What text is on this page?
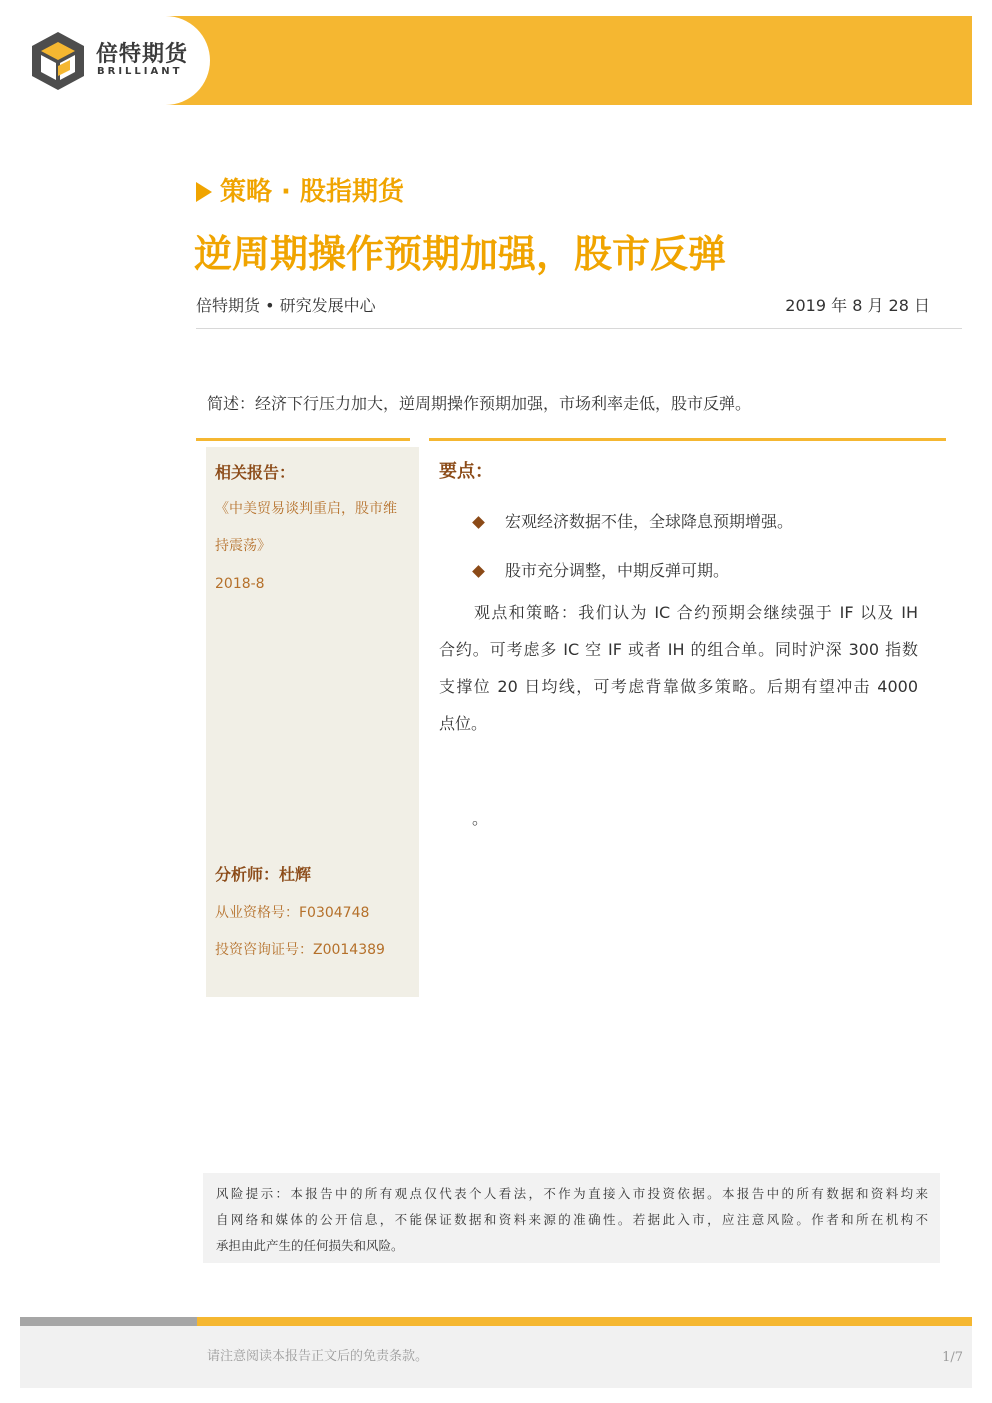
倍特期货
BRILLIANT
策略 · 股指期货
逆周期操作预期加强，股市反弹
倍特期货 • 研究发展中心	2019 年 8 月 28 日
简述：经济下行压力加大，逆周期操作预期加强，市场利率走低，股市反弹。
相关报告：
《中美贸易谈判重启，股市维
持震荡》
2018-8
分析师：杜辉
从业资格号：F0304748
投资咨询证号：Z0014389
要点：
宏观经济数据不佳，全球降息预期增强。
股市充分调整，中期反弹可期。
观点和策略：我们认为 IC 合约预期会继续强于 IF 以及 IH
合约。可考虑多 IC 空 IF 或者 IH 的组合单。同时沪深 300 指数
支撑位 20 日均线，可考虑背靠做多策略。后期有望冲击 4000
点位。
。
风险提示：本报告中的所有观点仅代表个人看法，不作为直接入市投资依据。本报告中的所有数据和资料均来
自网络和媒体的公开信息，不能保证数据和资料来源的准确性。若据此入市，应注意风险。作者和所在机构不
承担由此产生的任何损失和风险。
请注意阅读本报告正文后的免责条款。	1/7
